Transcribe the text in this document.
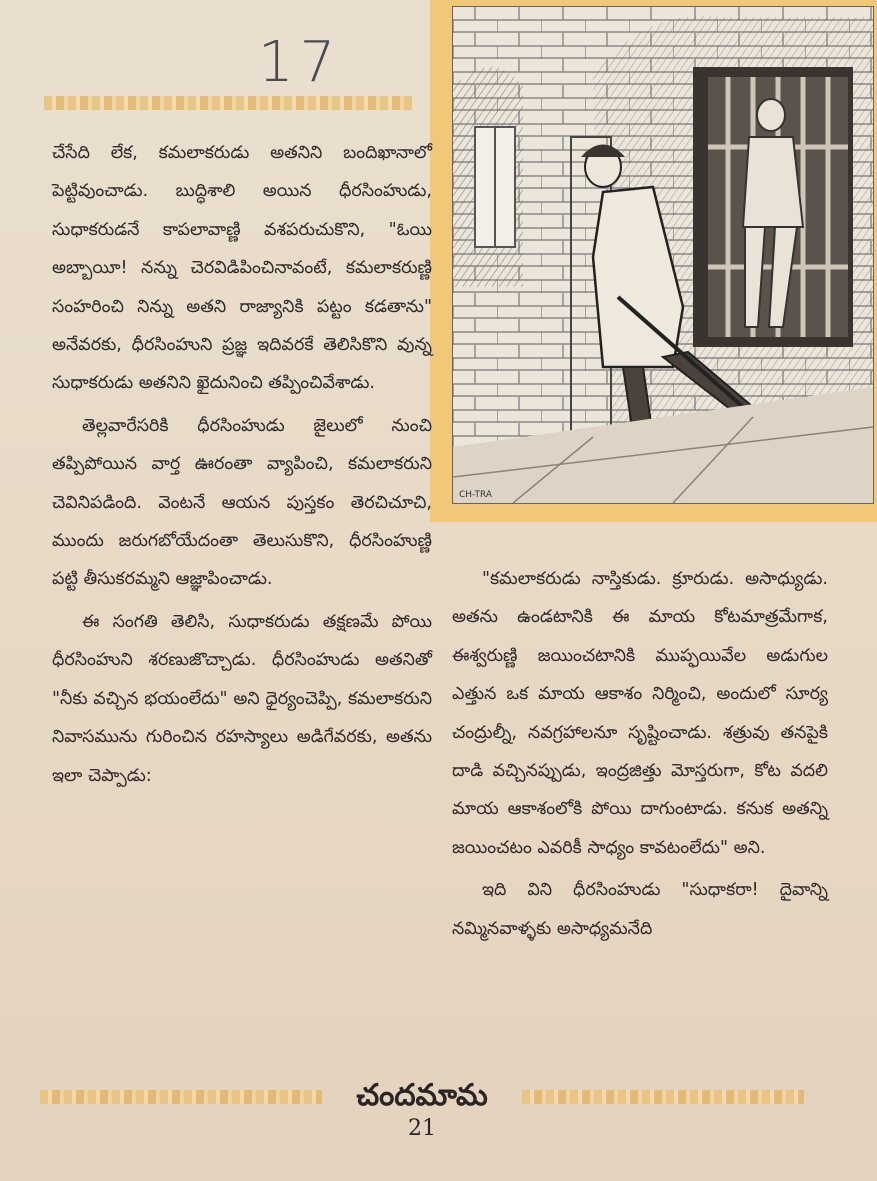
17
CH-TRA

చేసేది లేక, కమలాకరుడు అతనిని బందిఖానాలో పెట్టివుంచాడు. బుద్ధిశాలి అయిన ధీరసింహుడు, సుధాకరుడనే కాపలావాణ్ణి వశపరుచుకొని, "ఓయి అబ్బాయీ! నన్ను చెరవిడిపించినావంటే, కమలాకరుణ్ణి సంహరించి నిన్ను అతని రాజ్యానికి పట్టం కడతాను" అనేవరకు, ధీరసింహుని ప్రజ్ఞ ఇదివరకే తెలిసికొని వున్న సుధాకరుడు అతనిని ఖైదునించి తప్పించివేశాడు.

తెల్లవారేసరికి ధీరసింహుడు జైలులో నుంచి తప్పిపోయిన వార్త ఊరంతా వ్యాపించి, కమలాకరుని చెవినిపడింది. వెంటనే ఆయన పుస్తకం తెరచిచూచి, ముందు జరుగబోయేదంతా తెలుసుకొని, ధీరసింహుణ్ణి పట్టి తీసుకరమ్మని ఆజ్ఞాపించాడు.

ఈ సంగతి తెలిసి, సుధాకరుడు తక్షణమే పోయి ధీరసింహుని శరణుజొచ్చాడు. ధీరసింహుడు అతనితో "నీకు వచ్చిన భయంలేదు" అని ధైర్యంచెప్పి, కమలాకరుని నివాసమును గురించిన రహస్యాలు అడిగేవరకు, అతను ఇలా చెప్పాడు:

"కమలాకరుడు నాస్తికుడు. క్రూరుడు. అసాధ్యుడు. అతను ఉండటానికి ఈ మాయ కోటమాత్రమేగాక, ఈశ్వరుణ్ణి జయించటానికి ముప్ఫయివేల అడుగుల ఎత్తున ఒక మాయ ఆకాశం నిర్మించి, అందులో సూర్య చంద్రుల్నీ, నవగ్రహాలనూ సృష్టించాడు. శత్రువు తనపైకి దాడి వచ్చినప్పుడు, ఇంద్రజిత్తు మోస్తరుగా, కోట వదలి మాయ ఆకాశంలోకి పోయి దాగుంటాడు. కనుక అతన్ని జయించటం ఎవరికీ సాధ్యం కావటంలేదు" అని.

ఇది విని ధీరసింహుడు "సుధాకరా! దైవాన్ని నమ్మినవాళ్ళకు అసాధ్యమనేది

చందమామ
21
